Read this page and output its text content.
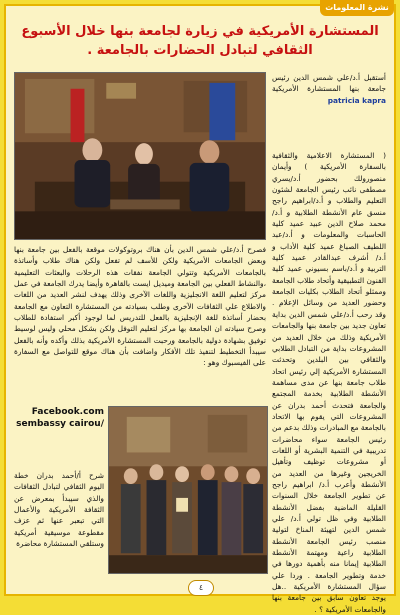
نشرة المعلومات
المستشارة الأمريكية في زيارة لجامعة بنها خلال الأسبوع الثقافي لتبادل الحضارات بالجامعة .
أستقبل أ.د/علي شمس الدين رئيس جامعة بنها المستشارة الأمريكية patricia kapra
( المستشارة الاعلامية والثقافية بالسفارة الأمريكية ) وأيمان منصورولك بحضور أ.د/يسري مصطفى نائب رئيس الجامعة لشئون التعليم والطلاب و أ.د/ابراهيم راجح منسق عام الأنشطة الطلابية و أ.د/ محمد صلاح الدين عبيد عميد كلية الحاسبات والمعلومات و أ.د/عبد اللطيف الصباغ عميد كلية الأداب و أ.د/ أشرف عبدالقادر عميد كلية التربية و أ.د/باسم بسيوني عميد كلية الفنون التطبيقية وأتحاد طلاب الجامعة وممثلو أتحاد الطلاب بكليات الجامعة وحضور العديد من وسائل الإعلام . وقد رحب أ.د/علي شمس الدين بداية تعاون جديد بين جامعة بنها والجامعات الأمريكية وذلك من خلال العديد من المشروعات بداية من التبادل الطلابي والثقافي بين البلدين وتحدثت المستشارة الأمريكية إلي رئيس اتحاد طلاب جامعة بنها عن مدى مساهمة الأنشطة الطلابية بخدمة المجتمع والجامعة فتحدث أحمد بدران عن المشروعات التي يقوم بها الاتحاد بالجامعة مع المبادرات وذلك بدعم من رئيس الجامعة سواء محاضرات تدريبية في التنمية البشرية أو اللغات أو مشروعات توظيف وتأهيل الخريجين وغيرها من العديد من الأنشطة وأعرب أ.د/ ابراهيم راجح عن تطوير الجامعة خلال السنوات القليلة الماضية بفضل الأنشطة الطلابية وفي ظل تولي أ.د/ علي شمس الدين لتهيئة المناخ لتولية منصب رئيس الجامعة الأنشطة الطلابية راعية ومهتمة الأنشطة الطلابية إيمانا منه بأهمية دورها في خدمة وتطوير الجامعة . وردا علي سؤال المستشارة الأمريكية ..هل يوجد تعاون سابق بين جامعة بنها والجامعات الأمريكية ؟ .
فصرح أ.د/علي شمس الدين بأن هناك بروتوكولات موقعة بالفعل بين جامعة بنها وبعض الجامعات الأمريكية ولكن للأسف لم تفعل ولكن هناك طلاب وأساتذة بالجامعات الأمريكية وتتولي الجامعة نفقات هذه الرحلات والبعثات التعليمية ،والنشاط الفعلي بين الجامعة وميديل ايست بالقاهرة وأيضا يدرك الجامعة في عمل مركز لتعليم اللغة الانجليزية واللغات الآخرى وذلك يهدف لنشر العديد من اللغات والاطلاع علي الثقافات الآخرى وطلب بسيادته من المستشارة التعاون مع الجامعة بحضار أساتذة للغة الإنجليزية بالفعل للتدريس لما لوجود أكبر استفادة للطلاب وصرح سيادته ان الجامعة بها مركز لتعليم التوفل ولكن بشكل محلي وليس لوسيط توفيق بشهادة دولية بالجامعة ورحبت المستشارة الأمريكية بذلك وأكده وأنه بالفعل سيبدأ التخطيط لتنفيذ تلك الأفكار واضافت بأن هناك موقع للتواصل مع السفارة على الفيسبوك وهو :
Facebook.com sembassy cairou/
شرح أ/أحمد بدران خطة اليوم الثقافي لتبادل الثقافات والذي سيبدأ بمعرض عن الثقافة الأمريكية والأعمال التي تبعبر عنها ثم عزف مقطوعة موسيقية أمريكية وستلقي المستشارة محاضرة
٤
